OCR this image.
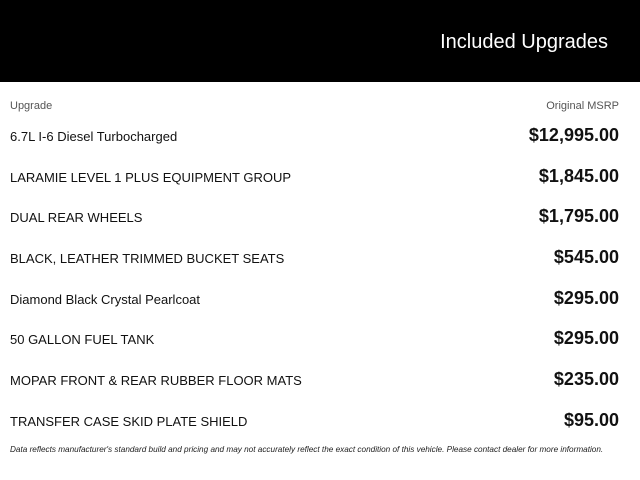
Included Upgrades
Upgrade	Original MSRP
6.7L I-6 Diesel Turbocharged	$12,995.00
LARAMIE LEVEL 1 PLUS EQUIPMENT GROUP	$1,845.00
DUAL REAR WHEELS	$1,795.00
BLACK, LEATHER TRIMMED BUCKET SEATS	$545.00
Diamond Black Crystal Pearlcoat	$295.00
50 GALLON FUEL TANK	$295.00
MOPAR FRONT & REAR RUBBER FLOOR MATS	$235.00
TRANSFER CASE SKID PLATE SHIELD	$95.00
Data reflects manufacturer's standard build and pricing and may not accurately reflect the exact condition of this vehicle. Please contact dealer for more information.
